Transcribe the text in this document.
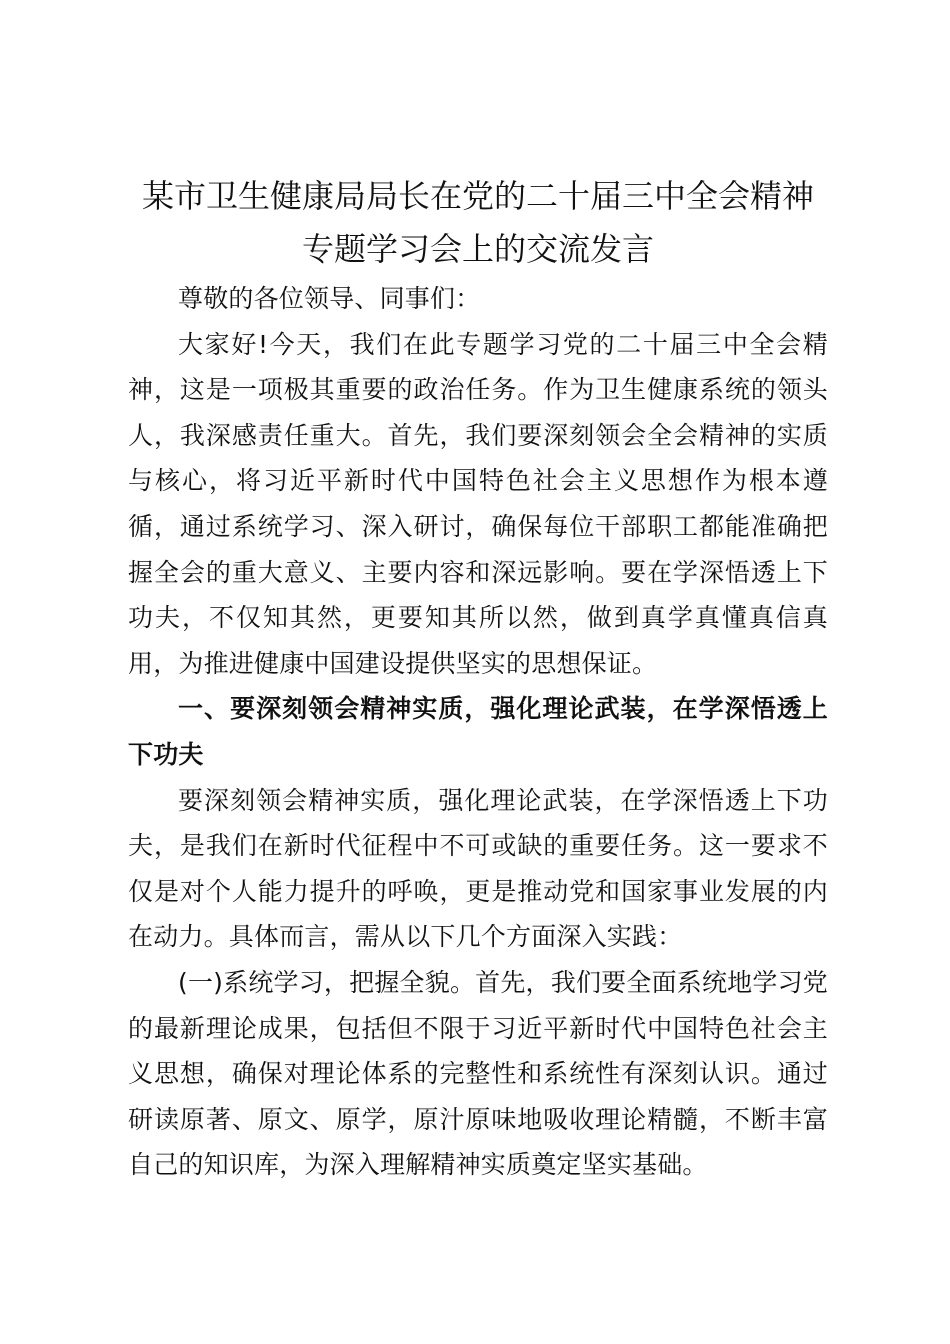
某市卫生健康局局长在党的二十届三中全会精神专题学习会上的交流发言

尊敬的各位领导、同事们：

大家好!今天，我们在此专题学习党的二十届三中全会精神，这是一项极其重要的政治任务。作为卫生健康系统的领头人，我深感责任重大。首先，我们要深刻领会全会精神的实质与核心，将习近平新时代中国特色社会主义思想作为根本遵循，通过系统学习、深入研讨，确保每位干部职工都能准确把握全会的重大意义、主要内容和深远影响。要在学深悟透上下功夫，不仅知其然，更要知其所以然，做到真学真懂真信真用，为推进健康中国建设提供坚实的思想保证。

一、要深刻领会精神实质，强化理论武装，在学深悟透上下功夫

要深刻领会精神实质，强化理论武装，在学深悟透上下功夫，是我们在新时代征程中不可或缺的重要任务。这一要求不仅是对个人能力提升的呼唤，更是推动党和国家事业发展的内在动力。具体而言，需从以下几个方面深入实践：

(一)系统学习，把握全貌。首先，我们要全面系统地学习党的最新理论成果，包括但不限于习近平新时代中国特色社会主义思想，确保对理论体系的完整性和系统性有深刻认识。通过研读原著、原文、原学，原汁原味地吸收理论精髓，不断丰富自己的知识库，为深入理解精神实质奠定坚实基础。
